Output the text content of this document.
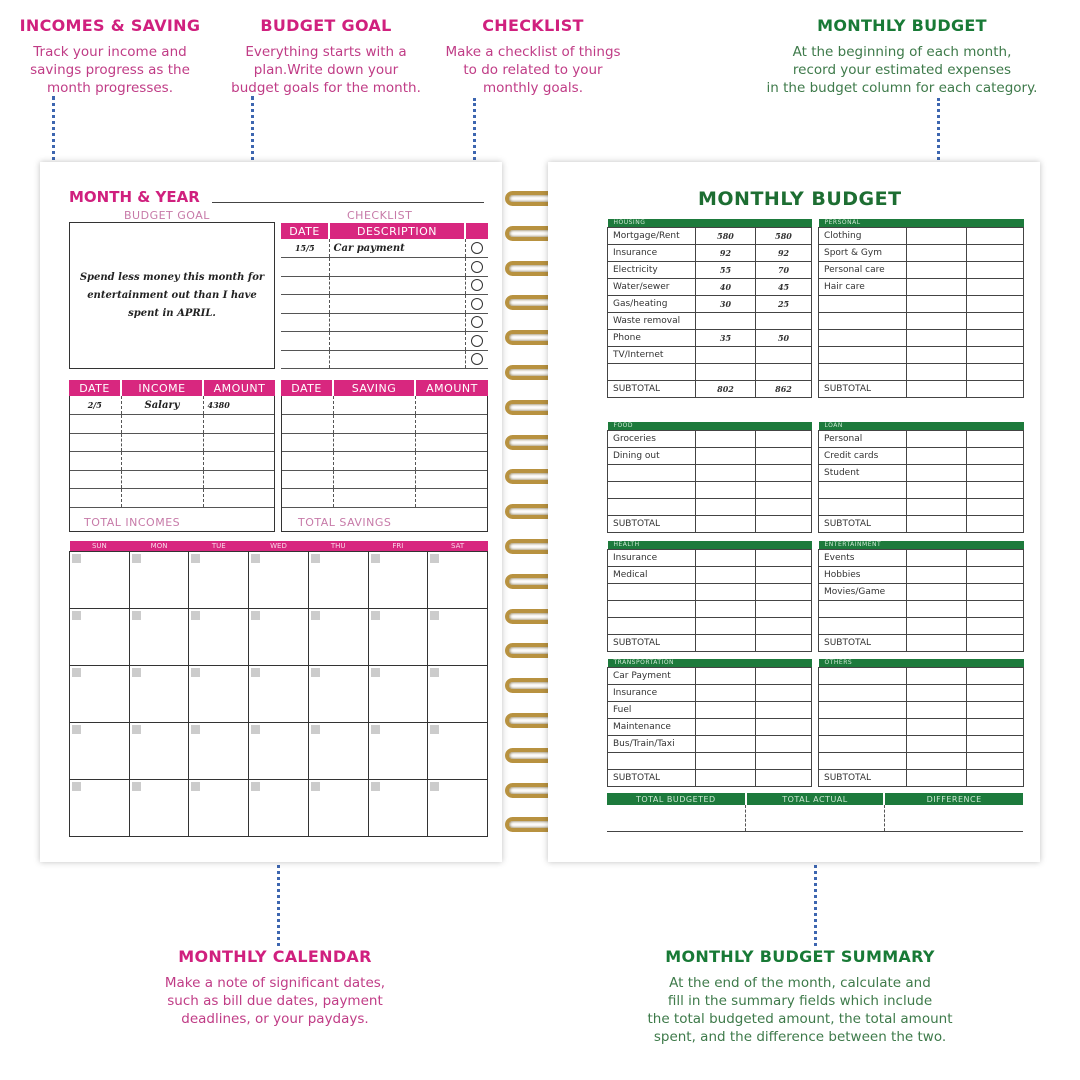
INCOMES & SAVING
Track your income and
savings progress as the
month progresses.
BUDGET GOAL
Everything starts with a
plan.Write down your
budget goals for the month.
CHECKLIST
Make a checklist of things
to do related to your
monthly goals.
MONTHLY BUDGET
At the beginning of each month,
record your estimated expenses
in the budget column for each category.
MONTH & YEAR
BUDGET GOAL
Spend less money this month for entertainment out than I have spent in APRIL.
CHECKLIST
DATE	DESCRIPTION	
15/5	Car payment	

DATE	INCOME	AMOUNT
2/5	Salary	4380

TOTAL INCOMES
DATE	SAVING	AMOUNT

TOTAL SAVINGS
SUN	MON	TUE	WED	THU	FRI	SAT

MONTHLY BUDGET
HOUSING		
Mortgage/Rent	580	580
Insurance	92	92
Electricity	55	70
Water/sewer	40	45
Gas/heating	30	25
Waste removal		
Phone	35	50
TV/Internet		

SUBTOTAL	802	862
PERSONAL		
Clothing		
Sport & Gym		
Personal care		
Hair care		

SUBTOTAL		
FOOD		
Groceries		
Dining out		

SUBTOTAL		
LOAN		
Personal		
Credit cards		
Student		

SUBTOTAL		
HEALTH		
Insurance		
Medical		

SUBTOTAL		
ENTERTAINMENT		
Events		
Hobbies		
Movies/Game		

SUBTOTAL		
TRANSPORTATION		
Car Payment		
Insurance		
Fuel		
Maintenance		
Bus/Train/Taxi		

SUBTOTAL		
OTHERS		

SUBTOTAL		
TOTAL BUDGETED	TOTAL ACTUAL	DIFFERENCE

MONTHLY CALENDAR
Make a note of significant dates,
such as bill due dates, payment
deadlines, or your paydays.
MONTHLY BUDGET SUMMARY
At the end of the month, calculate and
fill in the summary fields which include
the total budgeted amount, the total amount
spent, and the difference between the two.
